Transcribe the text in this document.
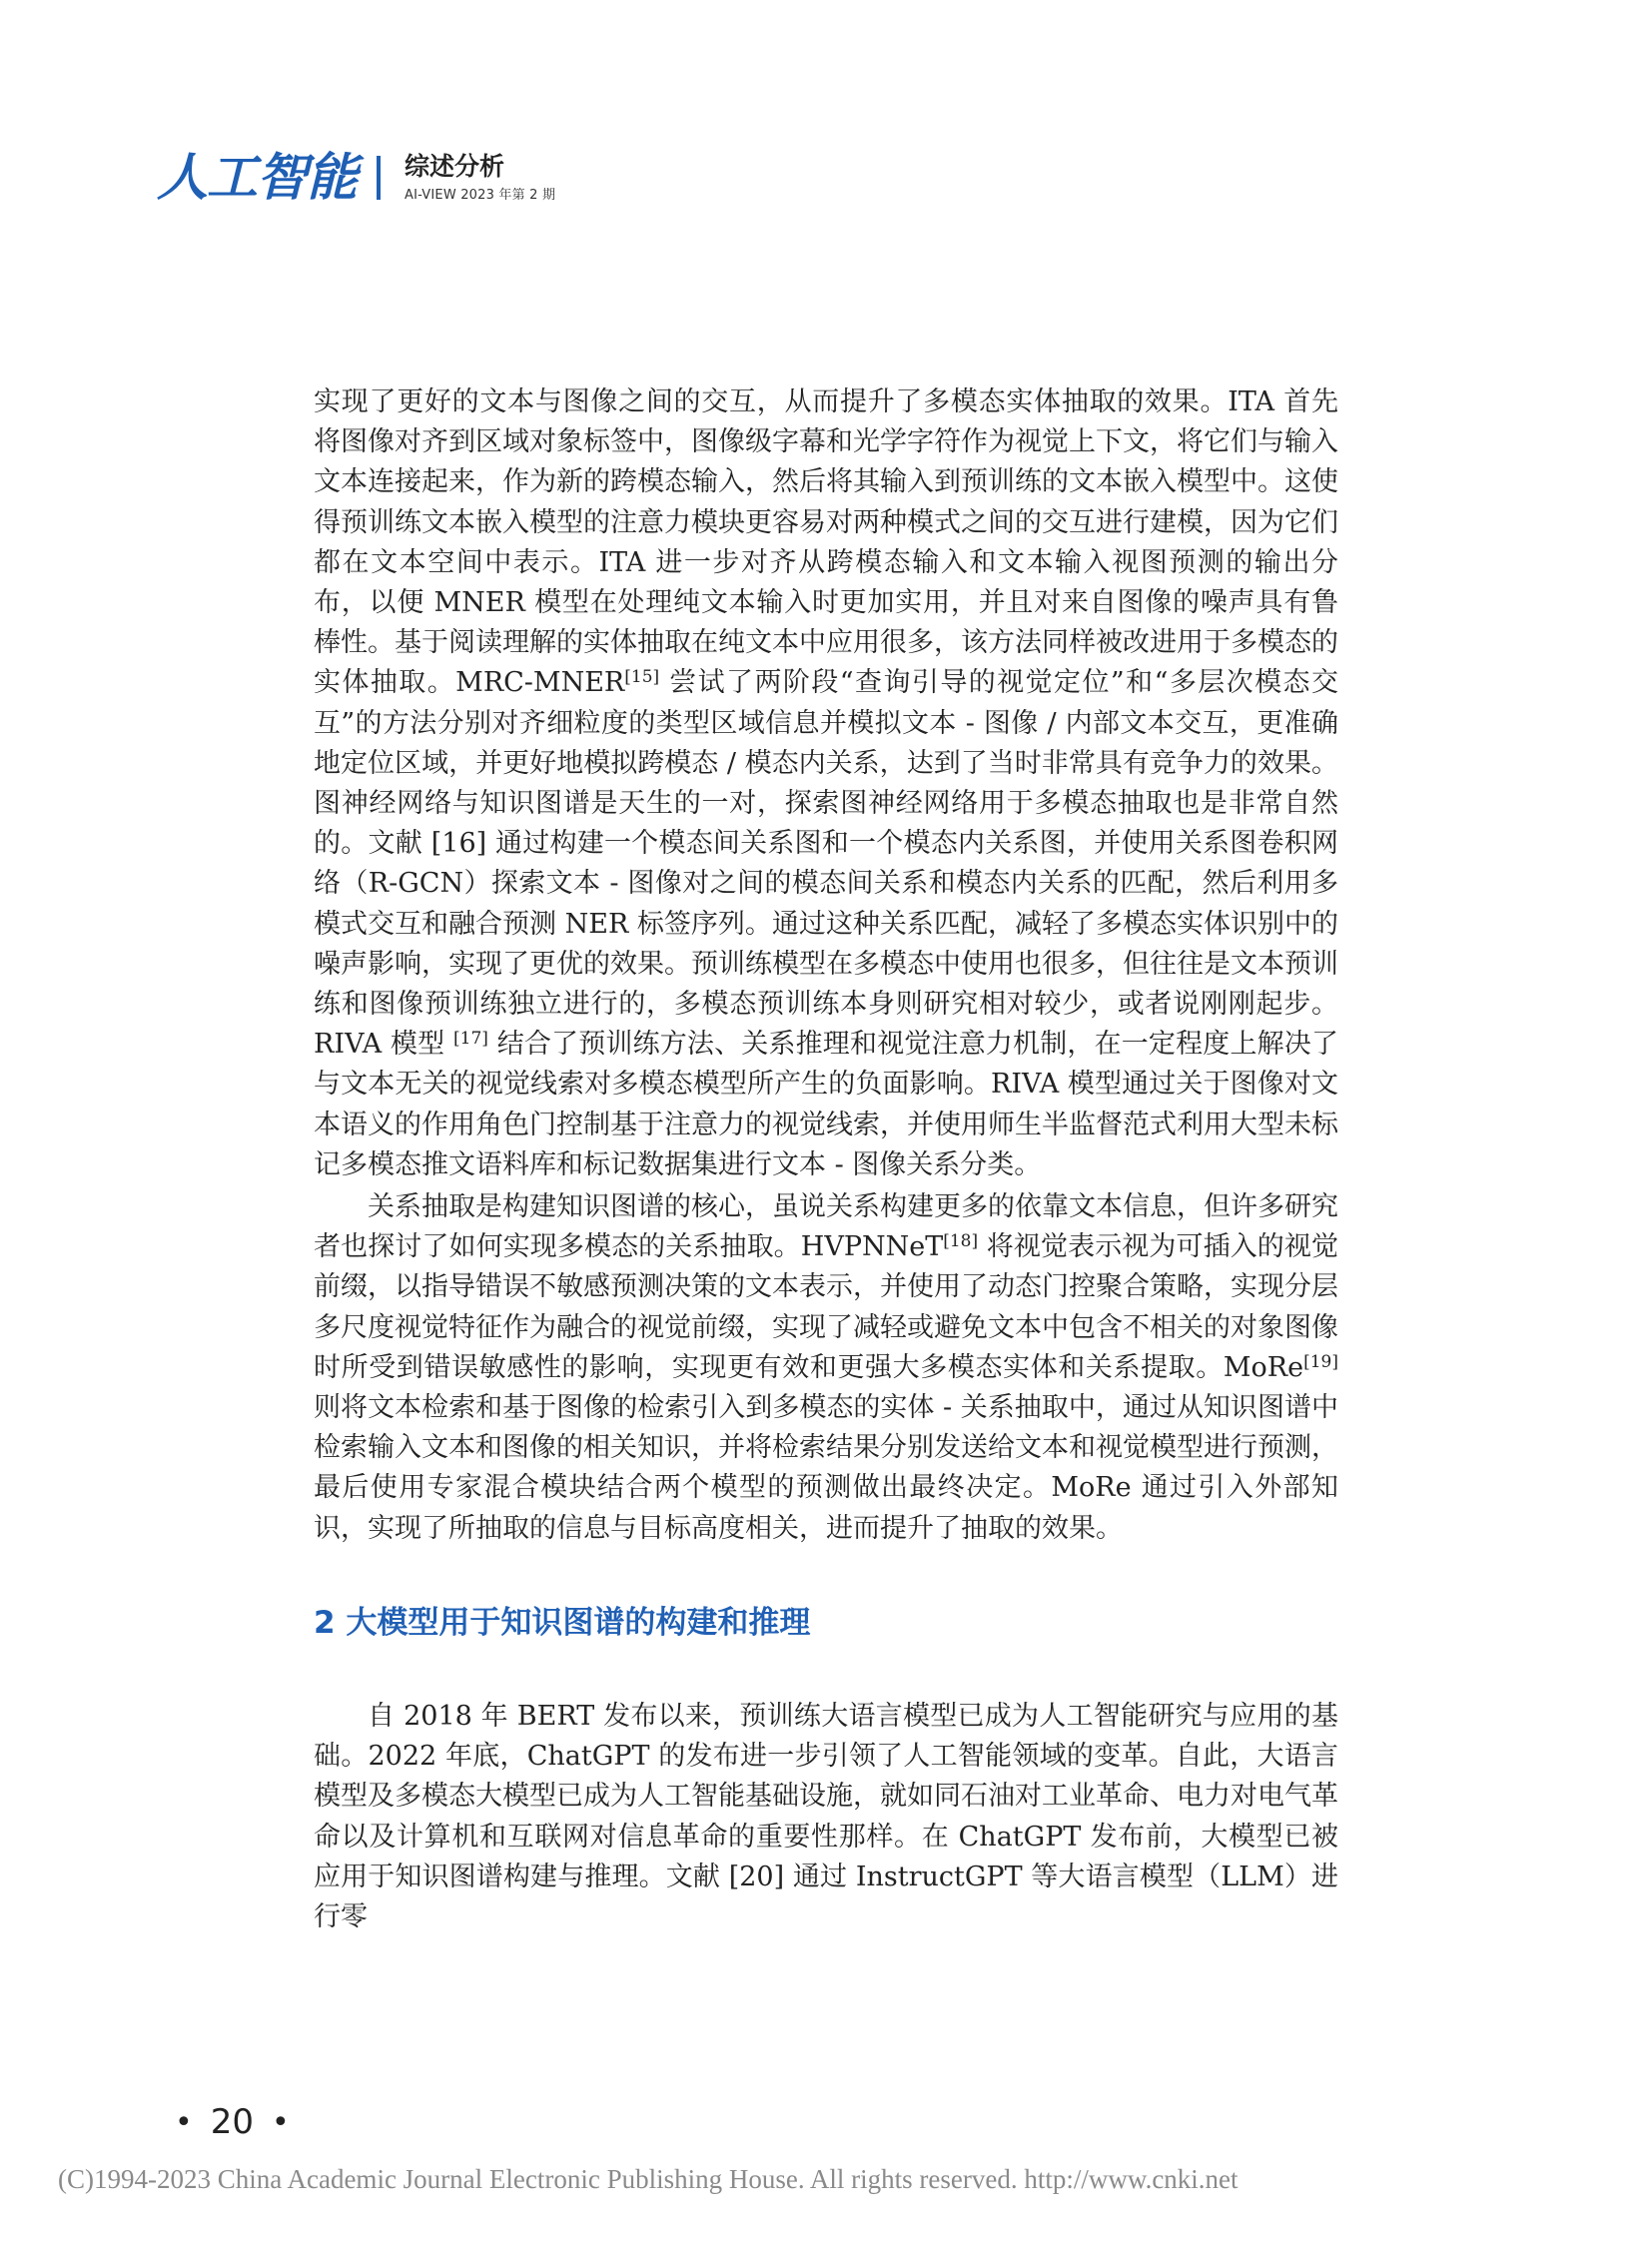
人工智能 综述分析
AI-VIEW 2023 年第 2 期

实现了更好的文本与图像之间的交互，从而提升了多模态实体抽取的效果。ITA 首先将图像对齐到区域对象标签中，图像级字幕和光学字符作为视觉上下文，将它们与输入文本连接起来，作为新的跨模态输入，然后将其输入到预训练的文本嵌入模型中。这使得预训练文本嵌入模型的注意力模块更容易对两种模式之间的交互进行建模，因为它们都在文本空间中表示。ITA 进一步对齐从跨模态输入和文本输入视图预测的输出分布，以便 MNER 模型在处理纯文本输入时更加实用，并且对来自图像的噪声具有鲁棒性。基于阅读理解的实体抽取在纯文本中应用很多，该方法同样被改进用于多模态的实体抽取。MRC-MNER[15] 尝试了两阶段“查询引导的视觉定位”和“多层次模态交互”的方法分别对齐细粒度的类型区域信息并模拟文本 - 图像 / 内部文本交互，更准确地定位区域，并更好地模拟跨模态 / 模态内关系，达到了当时非常具有竞争力的效果。图神经网络与知识图谱是天生的一对，探索图神经网络用于多模态抽取也是非常自然的。文献 [16] 通过构建一个模态间关系图和一个模态内关系图，并使用关系图卷积网络（R-GCN）探索文本 - 图像对之间的模态间关系和模态内关系的匹配，然后利用多模式交互和融合预测 NER 标签序列。通过这种关系匹配，减轻了多模态实体识别中的噪声影响，实现了更优的效果。预训练模型在多模态中使用也很多，但往往是文本预训练和图像预训练独立进行的，多模态预训练本身则研究相对较少，或者说刚刚起步。RIVA 模型 [17] 结合了预训练方法、关系推理和视觉注意力机制，在一定程度上解决了与文本无关的视觉线索对多模态模型所产生的负面影响。RIVA 模型通过关于图像对文本语义的作用角色门控制基于注意力的视觉线索，并使用师生半监督范式利用大型未标记多模态推文语料库和标记数据集进行文本 - 图像关系分类。

关系抽取是构建知识图谱的核心，虽说关系构建更多的依靠文本信息，但许多研究者也探讨了如何实现多模态的关系抽取。HVPNNeT[18] 将视觉表示视为可插入的视觉前缀，以指导错误不敏感预测决策的文本表示，并使用了动态门控聚合策略，实现分层多尺度视觉特征作为融合的视觉前缀，实现了减轻或避免文本中包含不相关的对象图像时所受到错误敏感性的影响，实现更有效和更强大多模态实体和关系提取。MoRe[19] 则将文本检索和基于图像的检索引入到多模态的实体 - 关系抽取中，通过从知识图谱中检索输入文本和图像的相关知识，并将检索结果分别发送给文本和视觉模型进行预测，最后使用专家混合模块结合两个模型的预测做出最终决定。MoRe 通过引入外部知识，实现了所抽取的信息与目标高度相关，进而提升了抽取的效果。

2 大模型用于知识图谱的构建和推理

自 2018 年 BERT 发布以来，预训练大语言模型已成为人工智能研究与应用的基础。2022 年底，ChatGPT 的发布进一步引领了人工智能领域的变革。自此，大语言模型及多模态大模型已成为人工智能基础设施，就如同石油对工业革命、电力对电气革命以及计算机和互联网对信息革命的重要性那样。在 ChatGPT 发布前，大模型已被应用于知识图谱构建与推理。文献 [20] 通过 InstructGPT 等大语言模型（LLM）进行零

• 20 •
(C)1994-2023 China Academic Journal Electronic Publishing House. All rights reserved. http://www.cnki.net
